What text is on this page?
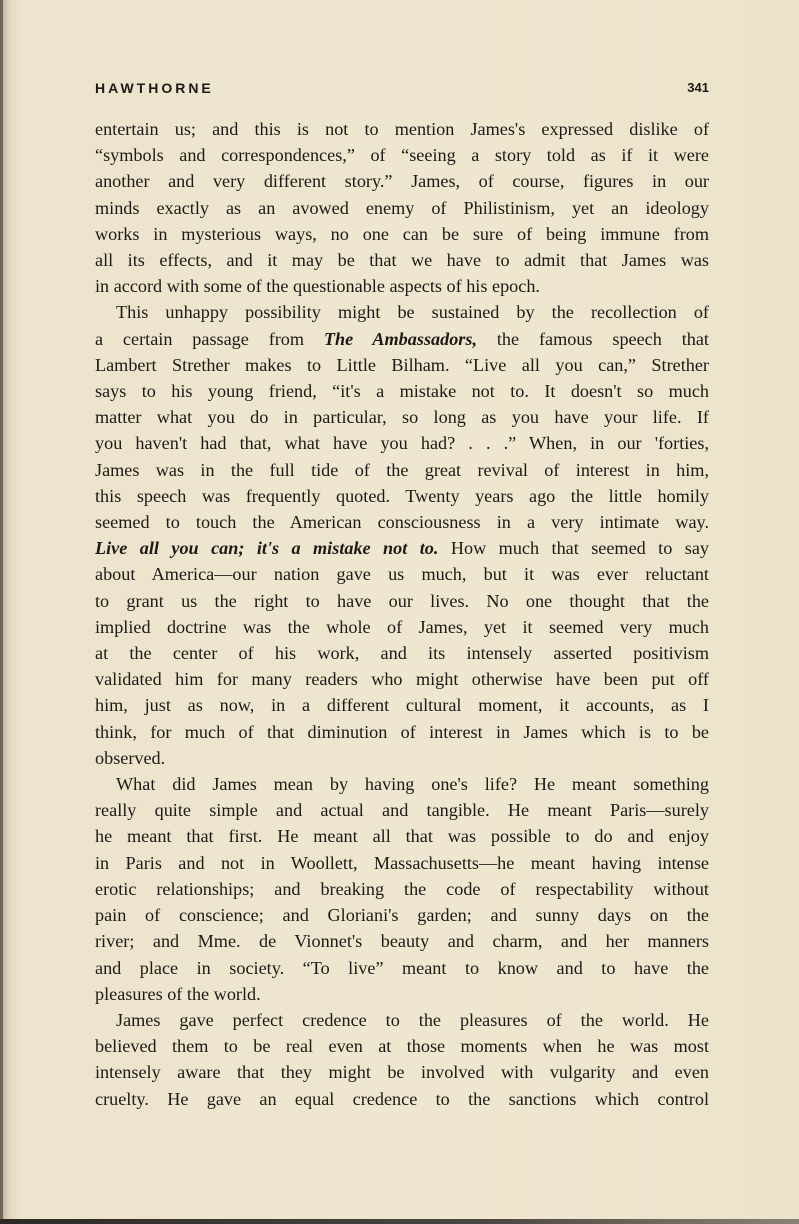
HAWTHORNE	341
entertain us; and this is not to mention James's expressed dislike of
“symbols and correspondences,” of “seeing a story told as if it were
another and very different story.” James, of course, figures in our
minds exactly as an avowed enemy of Philistinism, yet an ideology
works in mysterious ways, no one can be sure of being immune from
all its effects, and it may be that we have to admit that James was
in accord with some of the questionable aspects of his epoch.
This unhappy possibility might be sustained by the recollection of
a certain passage from The Ambassadors, the famous speech that
Lambert Strether makes to Little Bilham. “Live all you can,” Strether
says to his young friend, “it's a mistake not to. It doesn't so much
matter what you do in particular, so long as you have your life. If
you haven't had that, what have you had? . . .” When, in our 'forties,
James was in the full tide of the great revival of interest in him,
this speech was frequently quoted. Twenty years ago the little homily
seemed to touch the American consciousness in a very intimate way.
Live all you can; it's a mistake not to. How much that seemed to say
about America—our nation gave us much, but it was ever reluctant
to grant us the right to have our lives. No one thought that the
implied doctrine was the whole of James, yet it seemed very much
at the center of his work, and its intensely asserted positivism
validated him for many readers who might otherwise have been put off
him, just as now, in a different cultural moment, it accounts, as I
think, for much of that diminution of interest in James which is to be
observed.
What did James mean by having one's life? He meant something
really quite simple and actual and tangible. He meant Paris—surely
he meant that first. He meant all that was possible to do and enjoy
in Paris and not in Woollett, Massachusetts—he meant having intense
erotic relationships; and breaking the code of respectability without
pain of conscience; and Gloriani's garden; and sunny days on the
river; and Mme. de Vionnet's beauty and charm, and her manners
and place in society. “To live” meant to know and to have the
pleasures of the world.
James gave perfect credence to the pleasures of the world. He
believed them to be real even at those moments when he was most
intensely aware that they might be involved with vulgarity and even
cruelty. He gave an equal credence to the sanctions which control
